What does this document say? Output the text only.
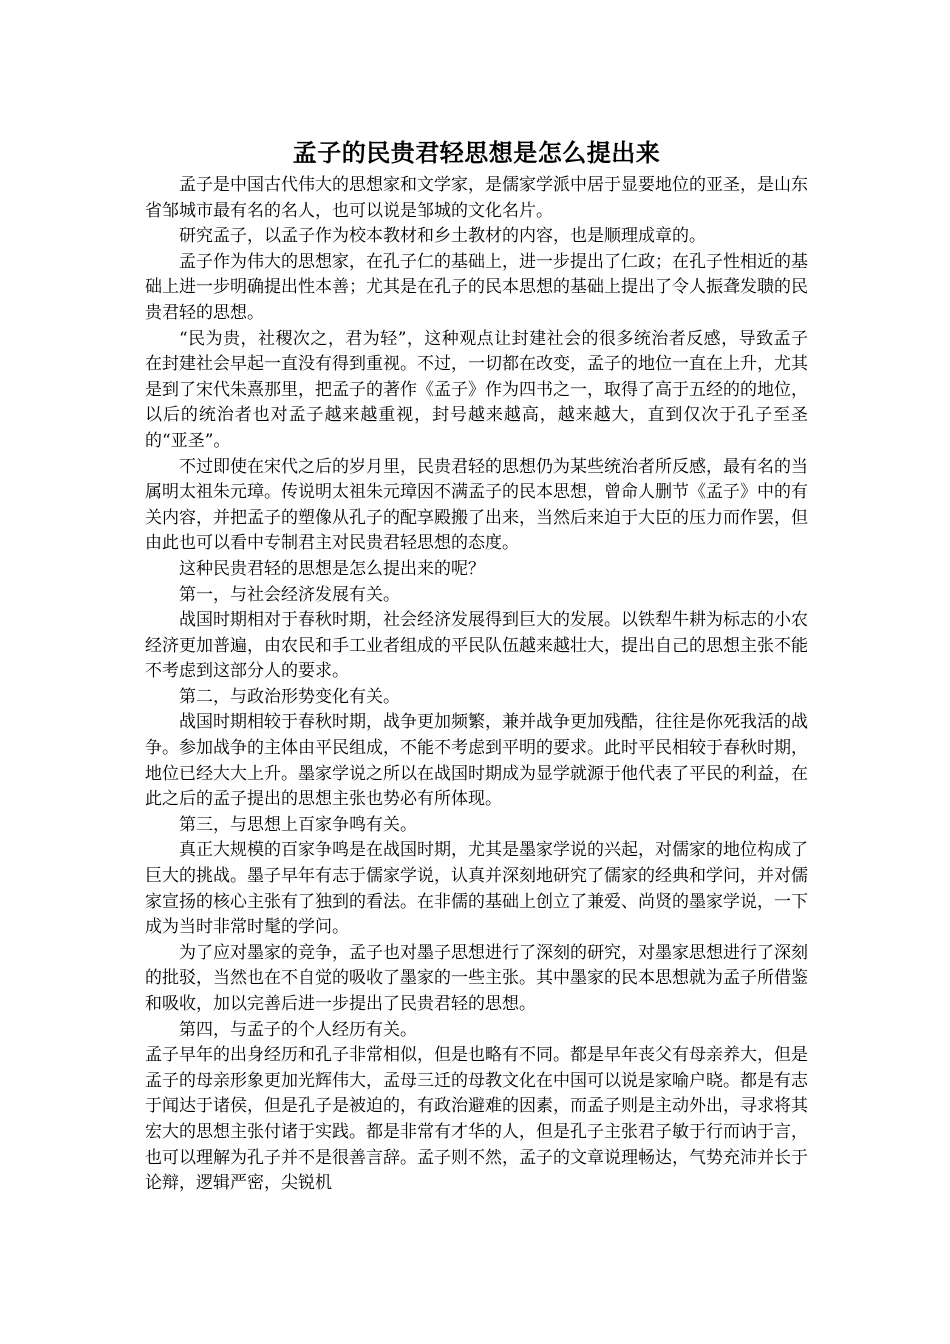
孟子的民贵君轻思想是怎么提出来

孟子是中国古代伟大的思想家和文学家，是儒家学派中居于显要地位的亚圣，是山东省邹城市最有名的名人，也可以说是邹城的文化名片。

研究孟子，以孟子作为校本教材和乡土教材的内容，也是顺理成章的。

孟子作为伟大的思想家，在孔子仁的基础上，进一步提出了仁政；在孔子性相近的基础上进一步明确提出性本善；尤其是在孔子的民本思想的基础上提出了令人振聋发聩的民贵君轻的思想。

“民为贵，社稷次之，君为轻”，这种观点让封建社会的很多统治者反感，导致孟子在封建社会早起一直没有得到重视。不过，一切都在改变，孟子的地位一直在上升，尤其是到了宋代朱熹那里，把孟子的著作《孟子》作为四书之一，取得了高于五经的的地位，以后的统治者也对孟子越来越重视，封号越来越高，越来越大，直到仅次于孔子至圣的“亚圣”。

不过即使在宋代之后的岁月里，民贵君轻的思想仍为某些统治者所反感，最有名的当属明太祖朱元璋。传说明太祖朱元璋因不满孟子的民本思想，曾命人删节《孟子》中的有关内容，并把孟子的塑像从孔子的配享殿搬了出来，当然后来迫于大臣的压力而作罢，但由此也可以看中专制君主对民贵君轻思想的态度。

这种民贵君轻的思想是怎么提出来的呢？

第一，与社会经济发展有关。

战国时期相对于春秋时期，社会经济发展得到巨大的发展。以铁犁牛耕为标志的小农经济更加普遍，由农民和手工业者组成的平民队伍越来越壮大，提出自己的思想主张不能不考虑到这部分人的要求。

第二，与政治形势变化有关。

战国时期相较于春秋时期，战争更加频繁，兼并战争更加残酷，往往是你死我活的战争。参加战争的主体由平民组成，不能不考虑到平明的要求。此时平民相较于春秋时期，地位已经大大上升。墨家学说之所以在战国时期成为显学就源于他代表了平民的利益，在此之后的孟子提出的思想主张也势必有所体现。

第三，与思想上百家争鸣有关。

真正大规模的百家争鸣是在战国时期，尤其是墨家学说的兴起，对儒家的地位构成了巨大的挑战。墨子早年有志于儒家学说，认真并深刻地研究了儒家的经典和学问，并对儒家宣扬的核心主张有了独到的看法。在非儒的基础上创立了兼爱、尚贤的墨家学说，一下成为当时非常时髦的学问。

为了应对墨家的竞争，孟子也对墨子思想进行了深刻的研究，对墨家思想进行了深刻的批驳，当然也在不自觉的吸收了墨家的一些主张。其中墨家的民本思想就为孟子所借鉴和吸收，加以完善后进一步提出了民贵君轻的思想。

第四，与孟子的个人经历有关。

孟子早年的出身经历和孔子非常相似，但是也略有不同。都是早年丧父有母亲养大，但是孟子的母亲形象更加光辉伟大，孟母三迁的母教文化在中国可以说是家喻户晓。都是有志于闻达于诸侯，但是孔子是被迫的，有政治避难的因素，而孟子则是主动外出，寻求将其宏大的思想主张付诸于实践。都是非常有才华的人，但是孔子主张君子敏于行而讷于言，也可以理解为孔子并不是很善言辞。孟子则不然，孟子的文章说理畅达，气势充沛并长于论辩，逻辑严密，尖锐机
